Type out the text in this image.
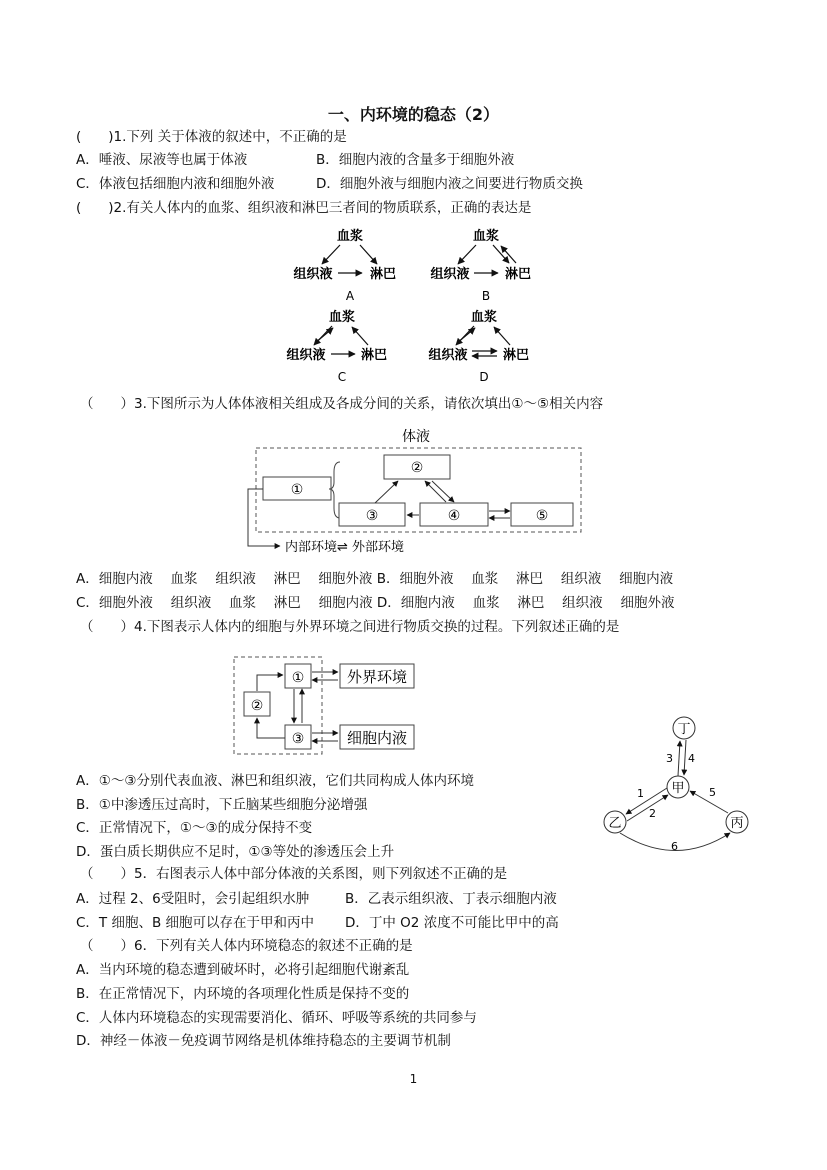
一、内环境的稳态（2）
(　　)1.下列 关于体液的叙述中，不正确的是
A．唾液、尿液等也属于体液	B．细胞内液的含量多于细胞外液
C．体液包括细胞内液和细胞外液	D．细胞外液与细胞内液之间要进行物质交换
(　　)2.有关人体内的血浆、组织液和淋巴三者间的物质联系，正确的表达是
血浆
组织液	淋巴
A
血浆
组织液	淋巴
B
血浆
组织液	淋巴
C
血浆
组织液	淋巴
D
体液
①
②
③	④	⑤
内部环境⇌ 外部环境
①
②
③
外界环境
细胞内液	丁
甲
乙	丙
3 4
1
2
5
6
（　　）3.下图所示为人体体液相关组成及各成分间的关系，请依次填出①～⑤相关内容
A．细胞内液　 血浆　 组织液　 淋巴　 细胞外液 B．细胞外液　 血浆　 淋巴　 组织液　 细胞内液
C．细胞外液　 组织液　 血浆　 淋巴　 细胞内液 D．细胞内液　 血浆　 淋巴　 组织液　 细胞外液
（　　）4.下图表示人体内的细胞与外界环境之间进行物质交换的过程。下列叙述正确的是
A．①～③分别代表血液、淋巴和组织液，它们共同构成人体内环境
B．①中渗透压过高时，下丘脑某些细胞分泌增强
C．正常情况下，①～③的成分保持不变
D．蛋白质长期供应不足时，①③等处的渗透压会上升
（　　）5．右图表示人体中部分体液的关系图，则下列叙述不正确的是
A．过程 2、6受阻时，会引起组织水肿	B．乙表示组织液、丁表示细胞内液
C．T 细胞、B 细胞可以存在于甲和丙中 D．丁中 O2 浓度不可能比甲中的高
（　　）6．下列有关人体内环境稳态的叙述不正确的是
A．当内环境的稳态遭到破坏时，必将引起细胞代谢紊乱
B．在正常情况下，内环境的各项理化性质是保持不变的
C．人体内环境稳态的实现需要消化、循环、呼吸等系统的共同参与
D．神经－体液－免疫调节网络是机体维持稳态的主要调节机制
1
